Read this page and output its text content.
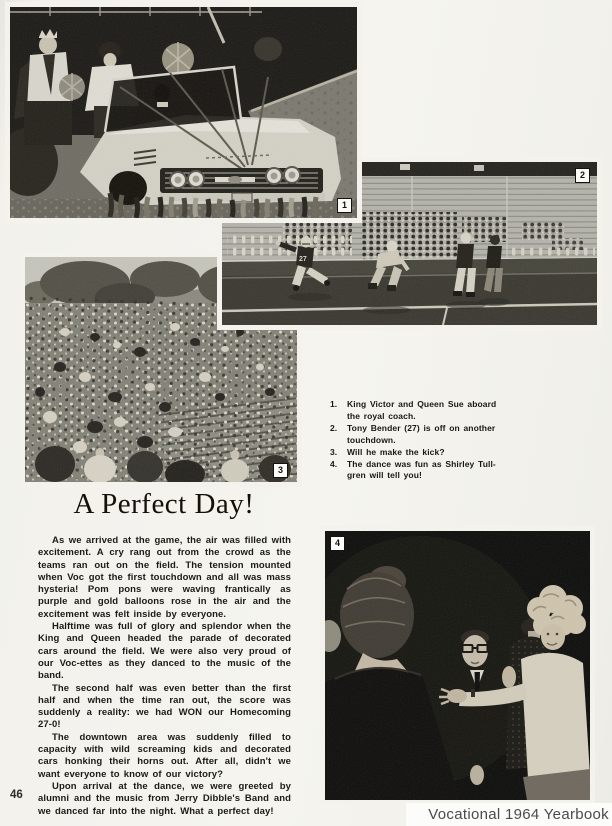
1
27
2
3
4
1.	King Victor and Queen Sue aboard
the royal coach.
2.	Tony Bender (27) is off on another
touchdown.
3.	Will he make the kick?
4.	The dance was fun as Shirley Tull-
gren will tell you!
A Perfect Day!

As we arrived at the game, the air was filled with excitement. A cry rang out from the crowd as the teams ran out on the field. The tension mounted when Voc got the first touchdown and all was mass hysteria! Pom pons were waving frantically as purple and gold balloons rose in the air and the excitement was felt inside by everyone.

Halftime was full of glory and splendor when the King and Queen headed the parade of decorated cars around the field. We were also very proud of our Voc-ettes as they danced to the music of the band.

The second half was even better than the first half and when the time ran out, the score was suddenly a reality: we had WON our Homecoming 27-0!

The downtown area was suddenly filled to capacity with wild screaming kids and decorated cars honking their horns out. After all, didn't we want everyone to know of our victory?

Upon arrival at the dance, we were greeted by alumni and the music from Jerry Dibble's Band and we danced far into the night. What a perfect day!

46
Vocational 1964 Yearbook
